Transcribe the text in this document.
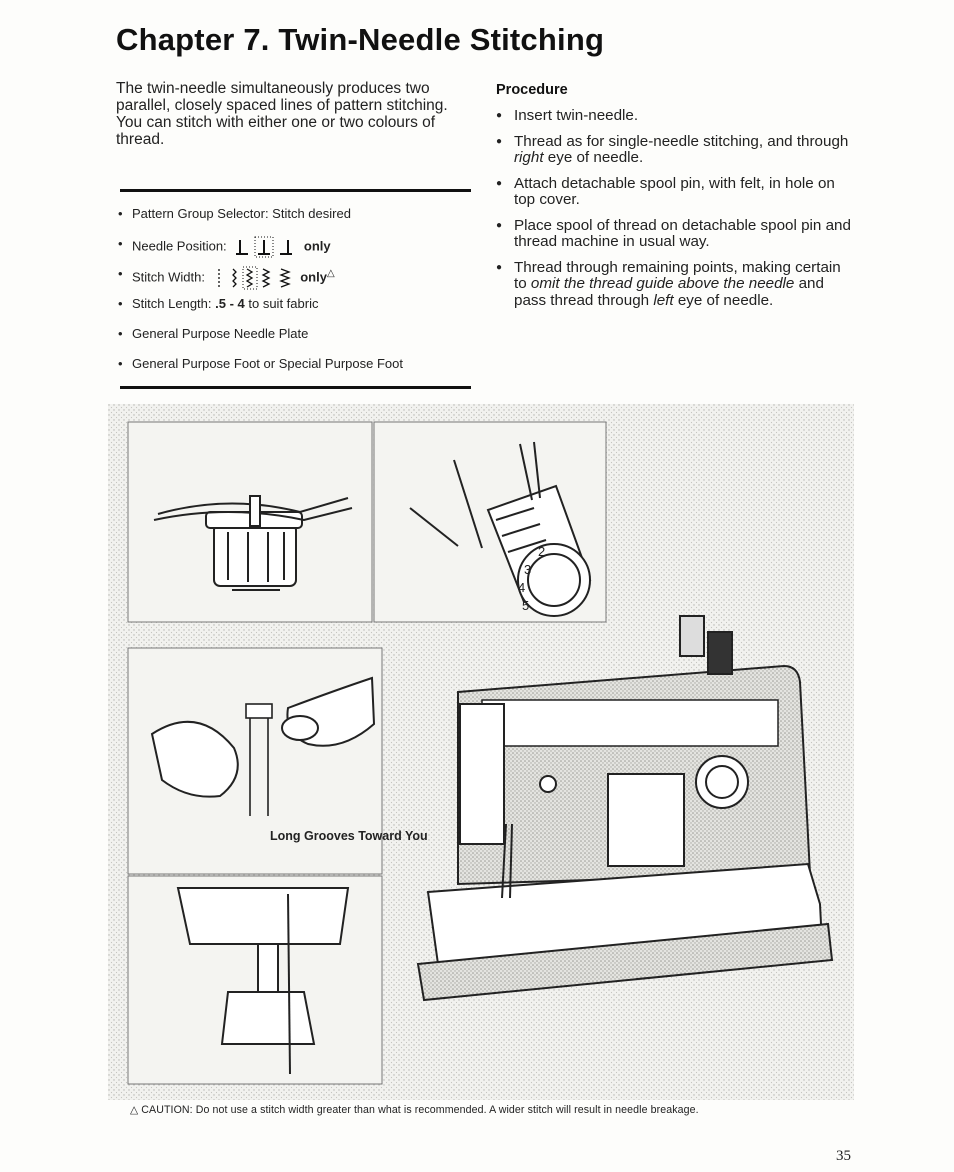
Chapter 7. Twin-Needle Stitching
The twin-needle simultaneously produces two parallel, closely spaced lines of pattern stitching. You can stitch with either one or two colours of thread.
• Pattern Group Selector: Stitch desired
• Needle Position:	only
• Stitch Width:	only△
• Stitch Length: .5 - 4 to suit fabric
• General Purpose Needle Plate
• General Purpose Foot or Special Purpose Foot
Procedure
● Insert twin-needle.
● Thread as for single-needle stitching, and through right eye of needle.
● Attach detachable spool pin, with felt, in hole on top cover.
● Place spool of thread on detachable spool pin and thread machine in usual way.
● Thread through remaining points, making certain to omit the thread guide above the needle and pass thread through left eye of needle.
2
3
4
5
Long Grooves Toward You
△ CAUTION: Do not use a stitch width greater than what is recommended. A wider stitch will result in needle breakage.
35
